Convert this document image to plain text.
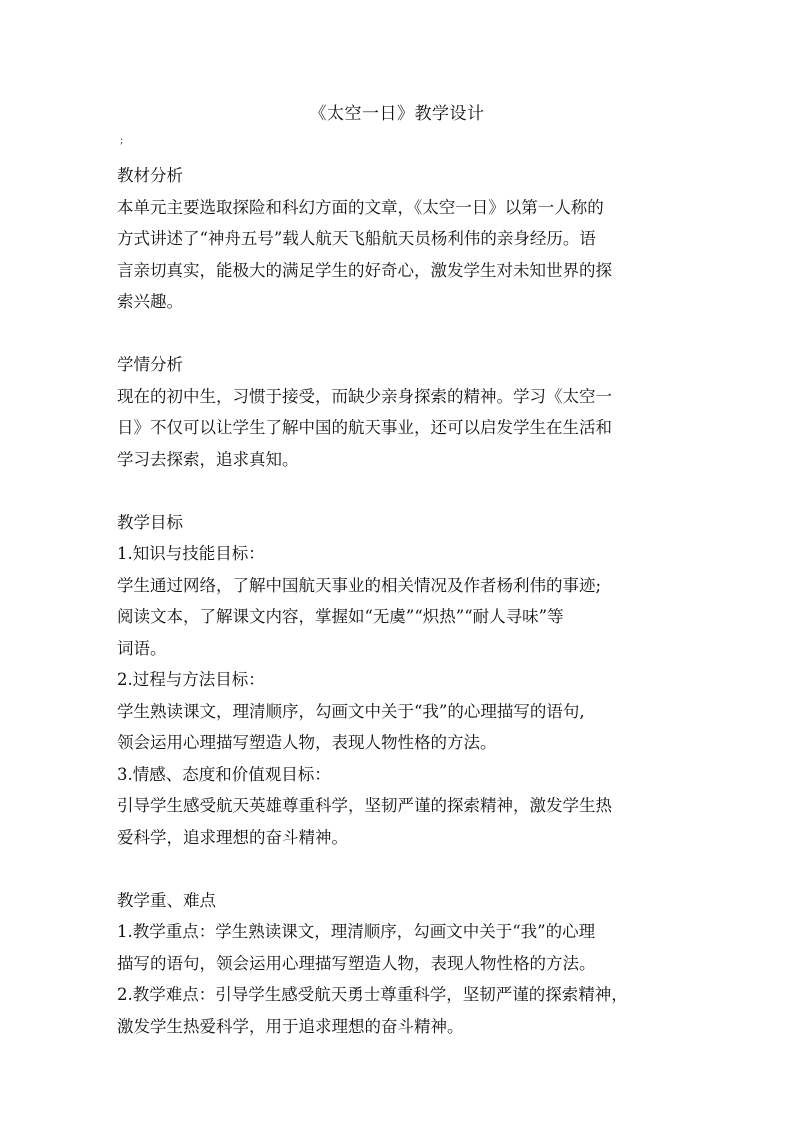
《太空一日》教学设计
;

教材分析

本单元主要选取探险和科幻方面的文章，《太空一日》以第一人称的

方式讲述了“神舟五号”载人航天飞船航天员杨利伟的亲身经历。语

言亲切真实，能极大的满足学生的好奇心，激发学生对未知世界的探

索兴趣。

学情分析

现在的初中生，习惯于接受，而缺少亲身探索的精神。学习《太空一

日》不仅可以让学生了解中国的航天事业，还可以启发学生在生活和

学习去探索，追求真知。

教学目标

1.知识与技能目标：

学生通过网络，了解中国航天事业的相关情况及作者杨利伟的事迹;

阅读文本，了解课文内容，掌握如“无虞”“炽热”“耐人寻味”等

词语。

2.过程与方法目标：

学生熟读课文，理清顺序，勾画文中关于“我”的心理描写的语句,

领会运用心理描写塑造人物，表现人物性格的方法。

3.情感、态度和价值观目标：

引导学生感受航天英雄尊重科学，坚韧严谨的探索精神，激发学生热

爱科学，追求理想的奋斗精神。

教学重、难点

1.教学重点：学生熟读课文，理清顺序，勾画文中关于“我”的心理

描写的语句，领会运用心理描写塑造人物，表现人物性格的方法。

2.教学难点：引导学生感受航天勇士尊重科学，坚韧严谨的探索精神，

激发学生热爱科学，用于追求理想的奋斗精神。
